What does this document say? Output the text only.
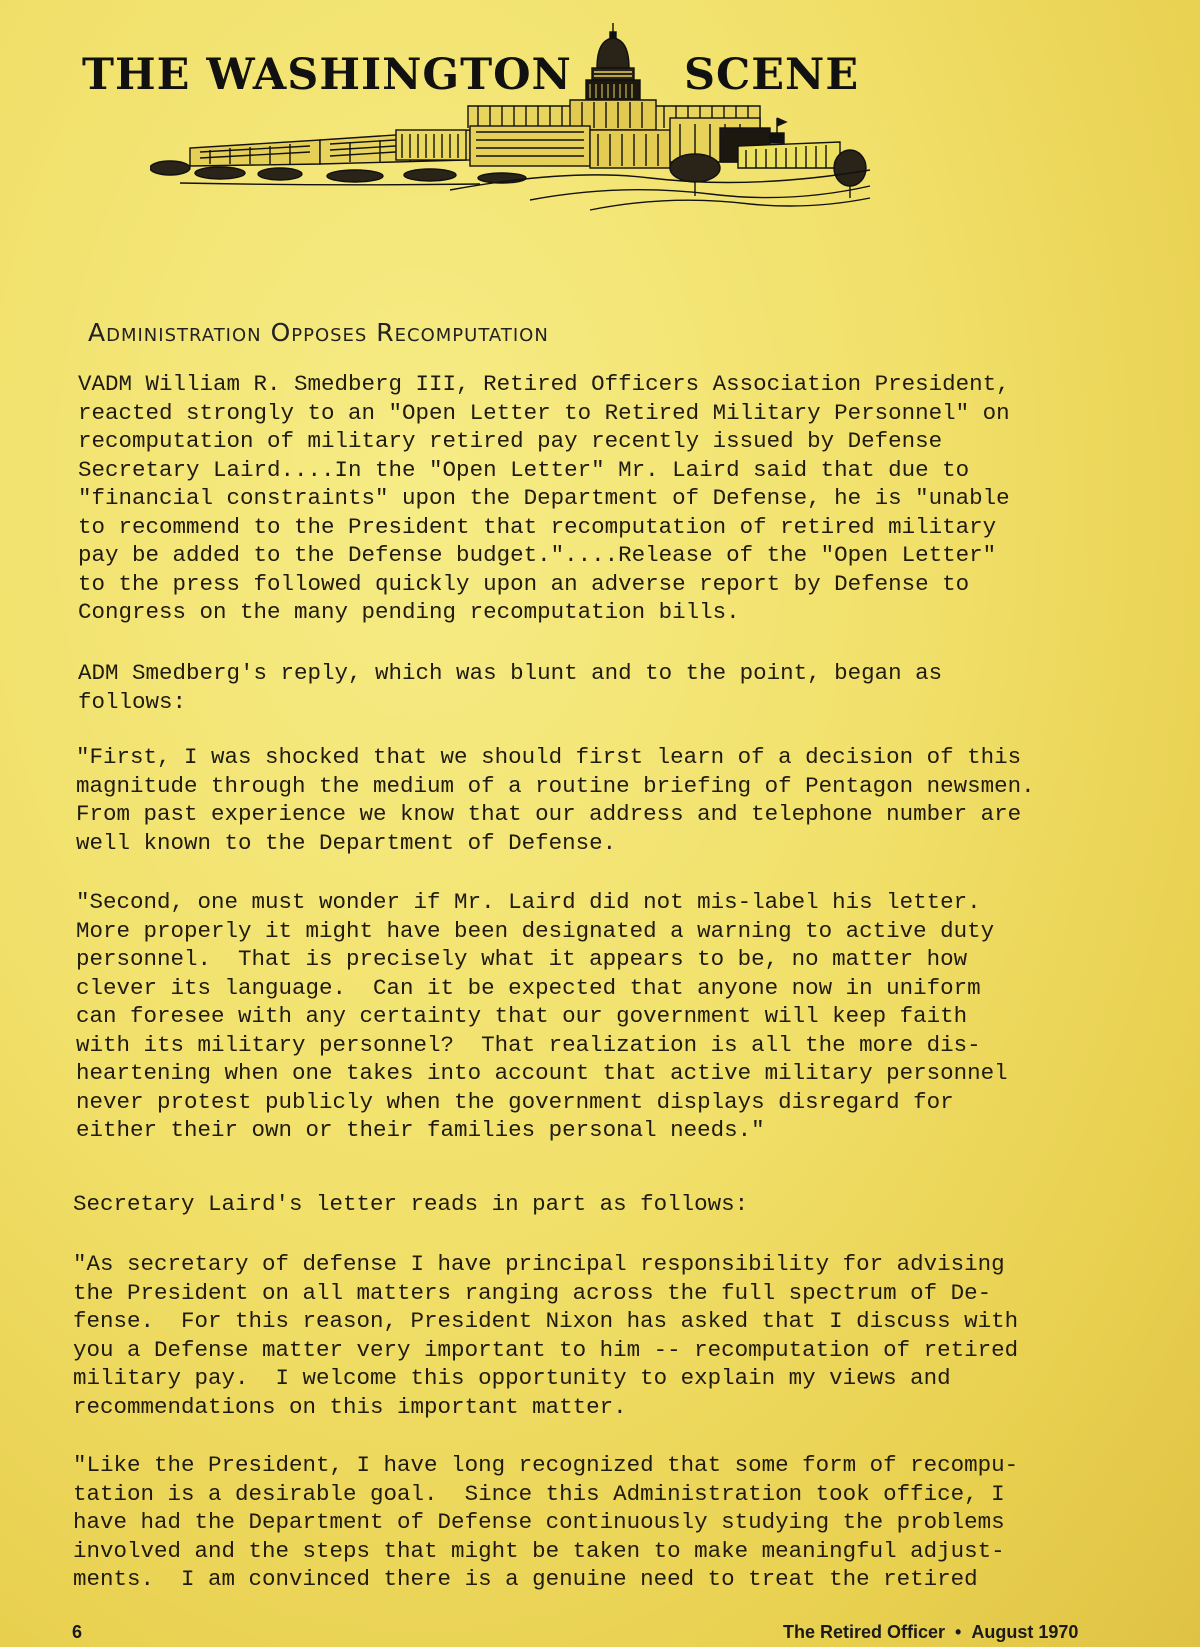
THE WASHINGTON	SCENE
Administration Opposes Recomputation

VADM William R. Smedberg III, Retired Officers Association President,
reacted strongly to an "Open Letter to Retired Military Personnel" on
recomputation of military retired pay recently issued by Defense
Secretary Laird....In the "Open Letter" Mr. Laird said that due to
"financial constraints" upon the Department of Defense, he is "unable
to recommend to the President that recomputation of retired military
pay be added to the Defense budget."....Release of the "Open Letter"
to the press followed quickly upon an adverse report by Defense to
Congress on the many pending recomputation bills.

ADM Smedberg's reply, which was blunt and to the point, began as
follows:

"First, I was shocked that we should first learn of a decision of this
magnitude through the medium of a routine briefing of Pentagon newsmen.
From past experience we know that our address and telephone number are
well known to the Department of Defense.

"Second, one must wonder if Mr. Laird did not mis-label his letter.
More properly it might have been designated a warning to active duty
personnel.  That is precisely what it appears to be, no matter how
clever its language.  Can it be expected that anyone now in uniform
can foresee with any certainty that our government will keep faith
with its military personnel?  That realization is all the more dis-
heartening when one takes into account that active military personnel
never protest publicly when the government displays disregard for
either their own or their families personal needs."

Secretary Laird's letter reads in part as follows:

"As secretary of defense I have principal responsibility for advising
the President on all matters ranging across the full spectrum of De-
fense.  For this reason, President Nixon has asked that I discuss with
you a Defense matter very important to him -- recomputation of retired
military pay.  I welcome this opportunity to explain my views and
recommendations on this important matter.

"Like the President, I have long recognized that some form of recompu-
tation is a desirable goal.  Since this Administration took office, I
have had the Department of Defense continuously studying the problems
involved and the steps that might be taken to make meaningful adjust-
ments.  I am convinced there is a genuine need to treat the retired

6	The Retired Officer • August 1970
